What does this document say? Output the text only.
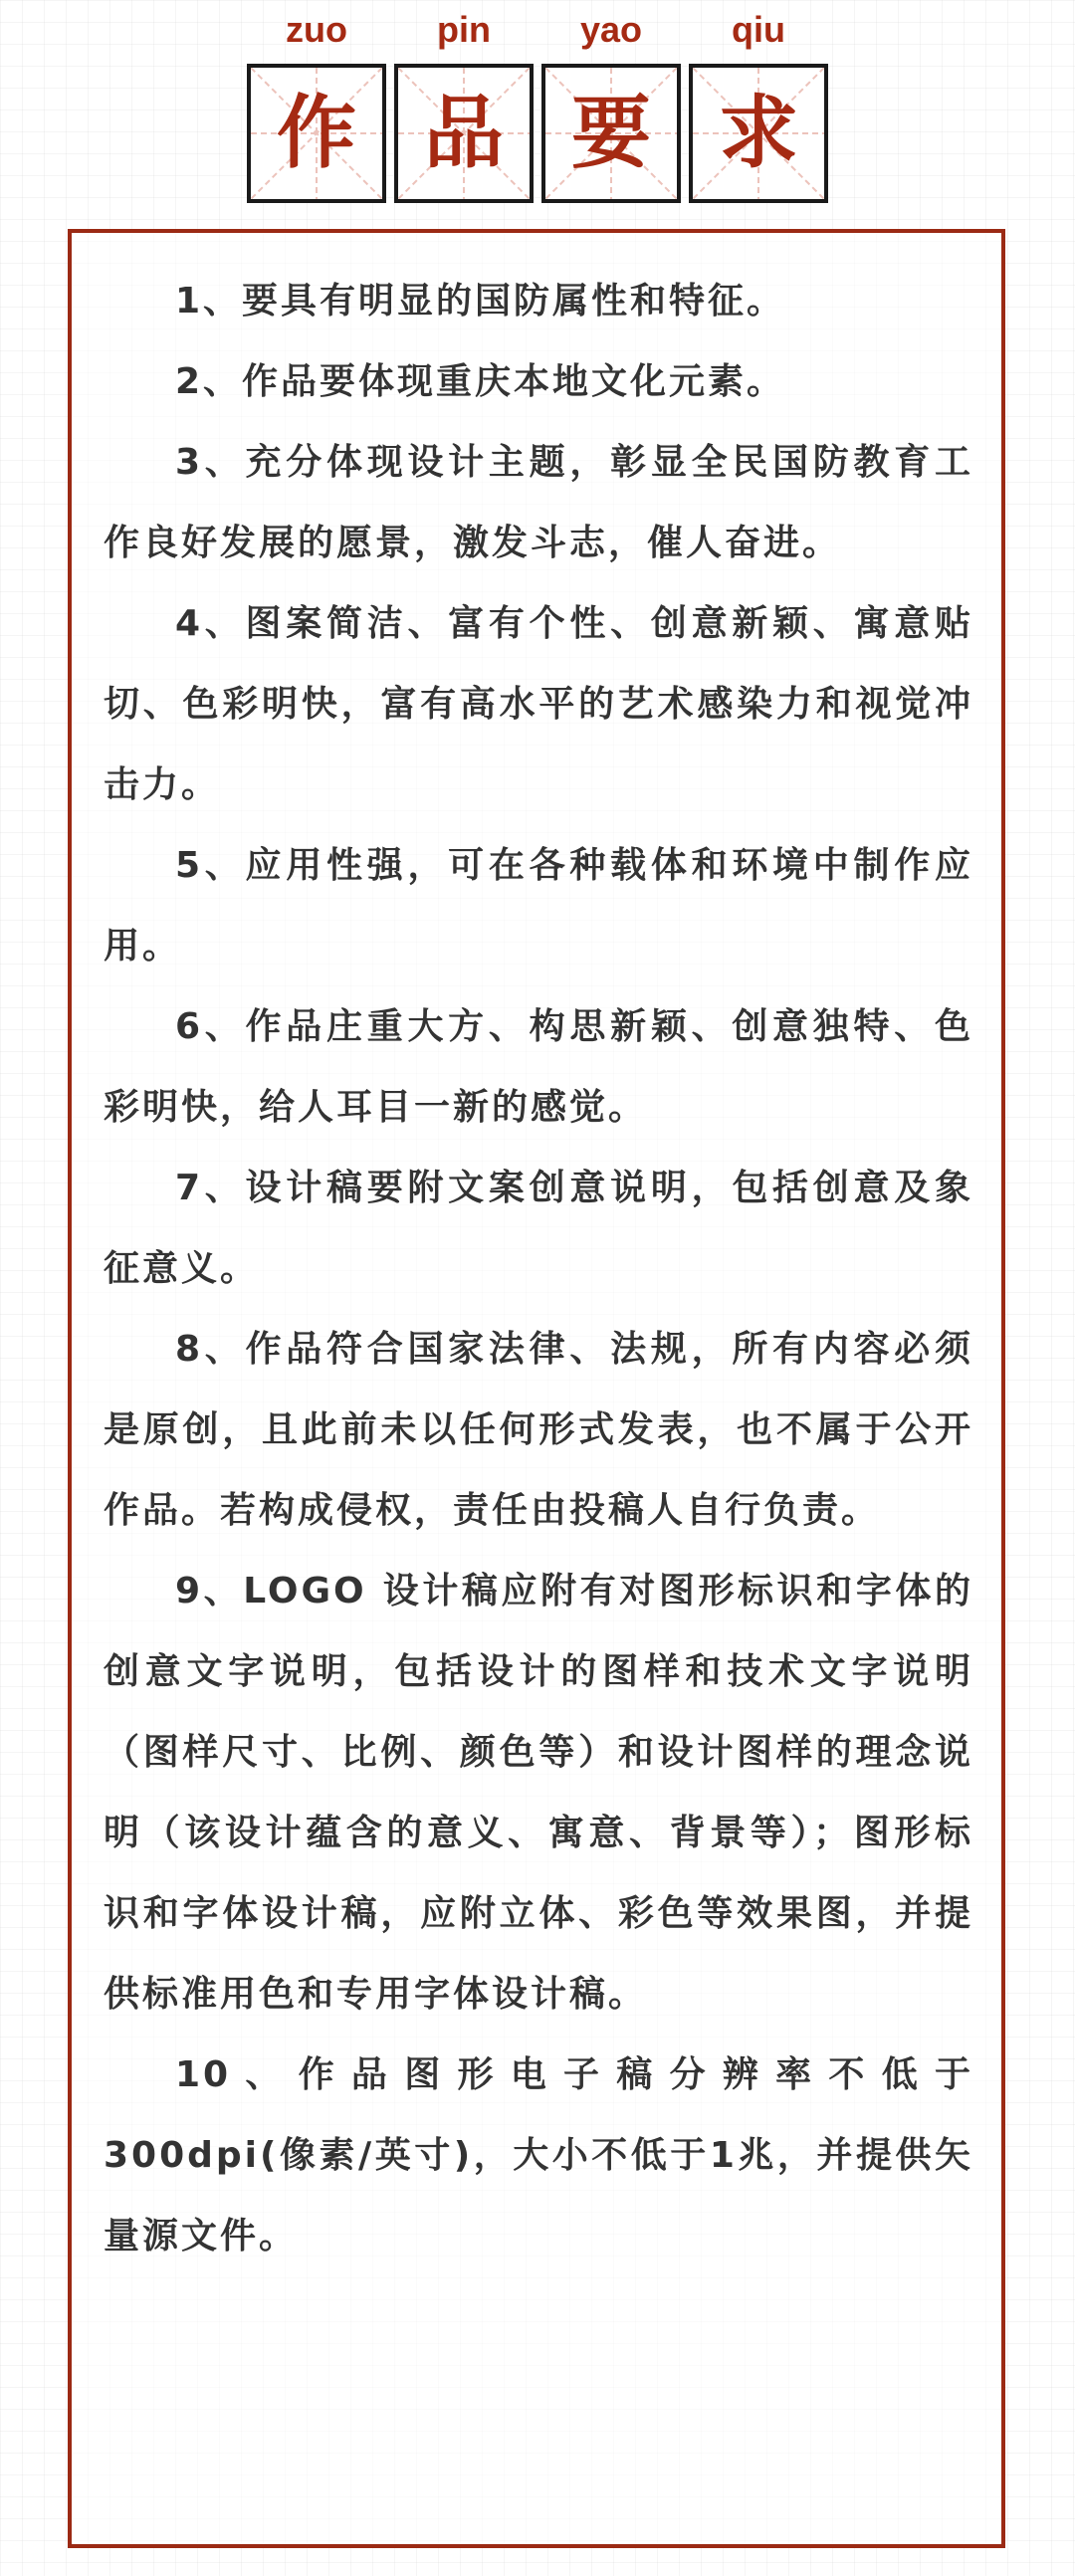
zuo
作
pin
品
yao
要
qiu
求

1、要具有明显的国防属性和特征。

2、作品要体现重庆本地文化元素。

3、充分体现设计主题，彰显全民国防教育工作良好发展的愿景，激发斗志，催人奋进。

4、图案简洁、富有个性、创意新颖、寓意贴切、色彩明快，富有高水平的艺术感染力和视觉冲击力。

5、应用性强，可在各种载体和环境中制作应用。

6、作品庄重大方、构思新颖、创意独特、色彩明快，给人耳目一新的感觉。

7、设计稿要附文案创意说明，包括创意及象征意义。

8、作品符合国家法律、法规，所有内容必须是原创，且此前未以任何形式发表，也不属于公开作品。若构成侵权，责任由投稿人自行负责。

9、LOGO 设计稿应附有对图形标识和字体的创意文字说明，包括设计的图样和技术文字说明（图样尺寸、比例、颜色等）和设计图样的理念说明（该设计蕴含的意义、寓意、背景等）；图形标识和字体设计稿，应附立体、彩色等效果图，并提供标准用色和专用字体设计稿。

10、作品图形电子稿分辨率不低于300dpi(像素/英寸)，大小不低于1兆，并提供矢量源文件。
